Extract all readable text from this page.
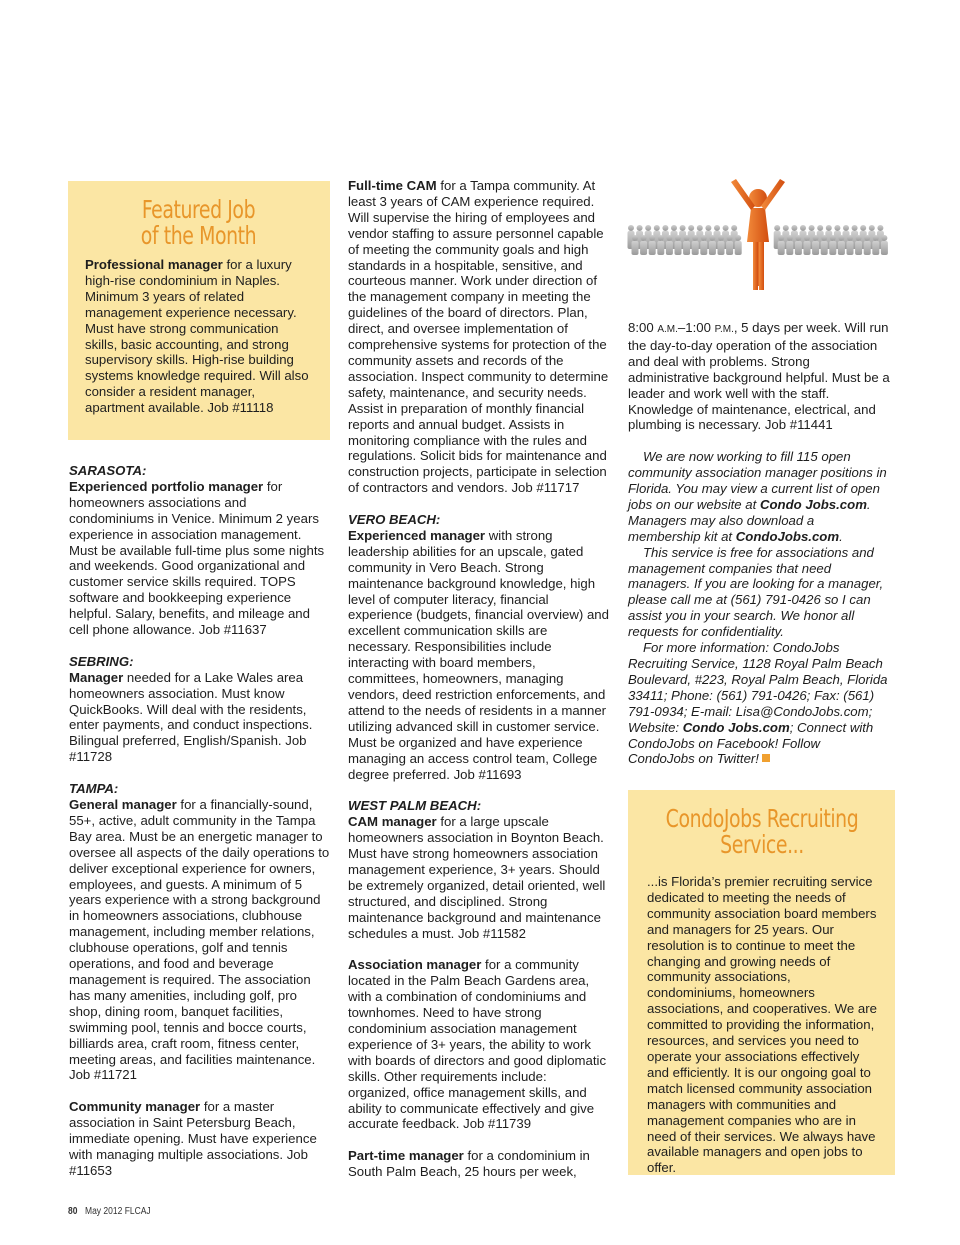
Featured Job
of the Month

Professional manager for a luxury high-rise condominium in Naples. Minimum 3 years of related management experience necessary. Must have strong communication skills, basic accounting, and strong supervisory skills. High-rise building systems knowledge required. Will also consider a resident manager, apartment available. Job #11118

SARASOTA:

Experienced portfolio manager for homeowners associations and condominiums in Venice. Minimum 2 years experience in association management. Must be available full-time plus some nights and weekends. Good organizational and customer service skills required. TOPS software and bookkeeping experience helpful. Salary, benefits, and mileage and cell phone allowance. Job #11637

SEBRING:

Manager needed for a Lake Wales area homeowners association. Must know QuickBooks. Will deal with the residents, enter payments, and conduct inspections. Bilingual preferred, English/Spanish. Job #11728

TAMPA:

General manager for a financially-sound, 55+, active, adult community in the Tampa Bay area. Must be an energetic manager to oversee all aspects of the daily operations to deliver exceptional experience for owners, employees, and guests. A minimum of 5 years experience with a strong background in homeowners associations, clubhouse management, including member relations, clubhouse operations, golf and tennis operations, and food and beverage management is required. The association has many amenities, including golf, pro shop, dining room, banquet facilities, swimming pool, tennis and bocce courts, billiards area, craft room, fitness center, meeting areas, and facilities maintenance. Job #11721

Community manager for a master association in Saint Petersburg Beach, immediate opening. Must have experience with managing multiple associations. Job #11653

Full-time CAM for a Tampa community. At least 3 years of CAM experience required. Will supervise the hiring of employees and vendor staffing to assure personnel capable of meeting the community goals and high standards in a hospitable, sensitive, and courteous manner. Work under direction of the management company in meeting the guidelines of the board of directors. Plan, direct, and oversee implementation of comprehensive systems for protection of the community assets and records of the association. Inspect community to determine safety, maintenance, and security needs. Assist in preparation of monthly financial reports and annual budget. Assists in monitoring compliance with the rules and regulations. Solicit bids for maintenance and construction projects, participate in selection of contractors and vendors. Job #11717

VERO BEACH:

Experienced manager with strong leadership abilities for an upscale, gated community in Vero Beach. Strong maintenance background knowledge, high level of computer literacy, financial experience (budgets, financial overview) and excellent communication skills are necessary. Responsibilities include interacting with board members, committees, homeowners, managing vendors, deed restriction enforcements, and attend to the needs of residents in a manner utilizing advanced skill in customer service. Must be organized and have experience managing an access control team, College degree preferred. Job #11693

WEST PALM BEACH:

CAM manager for a large upscale homeowners association in Boynton Beach. Must have strong homeowners association management experience, 3+ years. Should be extremely organized, detail oriented, well structured, and disciplined. Strong maintenance background and maintenance schedules a must. Job #11582

Association manager for a community located in the Palm Beach Gardens area, with a combination of condominiums and townhomes. Need to have strong condominium association management experience of 3+ years, the ability to work with boards of directors and good diplomatic skills. Other requirements include: organized, office management skills, and ability to communicate effectively and give accurate feedback. Job #11739

Part-time manager for a condominium in South Palm Beach, 25 hours per week,

8:00 A.M.–1:00 P.M., 5 days per week. Will run the day-to-day operation of the association and deal with problems. Strong administrative background helpful. Must be a leader and work well with the staff. Knowledge of maintenance, electrical, and plumbing is necessary. Job #11441

We are now working to fill 115 open community association manager positions in Florida. You may view a current list of open jobs on our website at Condo Jobs.com. Managers may also download a membership kit at CondoJobs.com.

This service is free for associations and management companies that need managers. If you are looking for a manager, please call me at (561) 791-0426 so I can assist you in your search. We honor all requests for confidentiality.

For more information: CondoJobs Recruiting Service, 1128 Royal Palm Beach Boulevard, #223, Royal Palm Beach, Florida 33411; Phone: (561) 791-0426; Fax: (561) 791-0934; E-mail: Lisa@CondoJobs.com; Website: Condo Jobs.com; Connect with CondoJobs on Facebook! Follow CondoJobs on Twitter!

CondoJobs Recruiting
Service...

...is Florida’s premier recruiting service dedicated to meeting the needs of community association board members and managers for 25 years. Our resolution is to continue to meet the changing and growing needs of community associations, condominiums, homeowners associations, and cooperatives. We are committed to providing the information, resources, and services you need to operate your associations effectively and efficiently. It is our ongoing goal to match licensed community association managers with communities and management companies who are in need of their services. We always have available managers and open jobs to offer.

80 May 2012 FLCAJ
